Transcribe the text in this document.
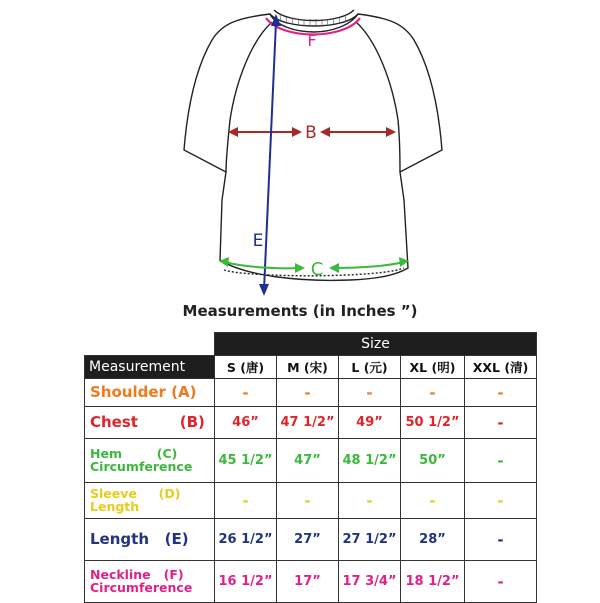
F
B
E
C
Measurements (in Inches ”)
	Size				
Measurement	S (唐)	M (宋)	L (元)	XL (明)	XXL (清)

Shoulder (A)	-	-	-	-	-

Chest        (B)	46”	47 1/2”	49”	50 1/2”	-

Hem        (C)
Circumference	45 1/2”	47”	48 1/2”	50”	-

Sleeve     (D)
Length	-	-	-	-	-

Length   (E)	26 1/2”	27”	27 1/2”	28”	-

Neckline   (F)
Circumference	16 1/2”	17”	17 3/4”	18 1/2”	-
